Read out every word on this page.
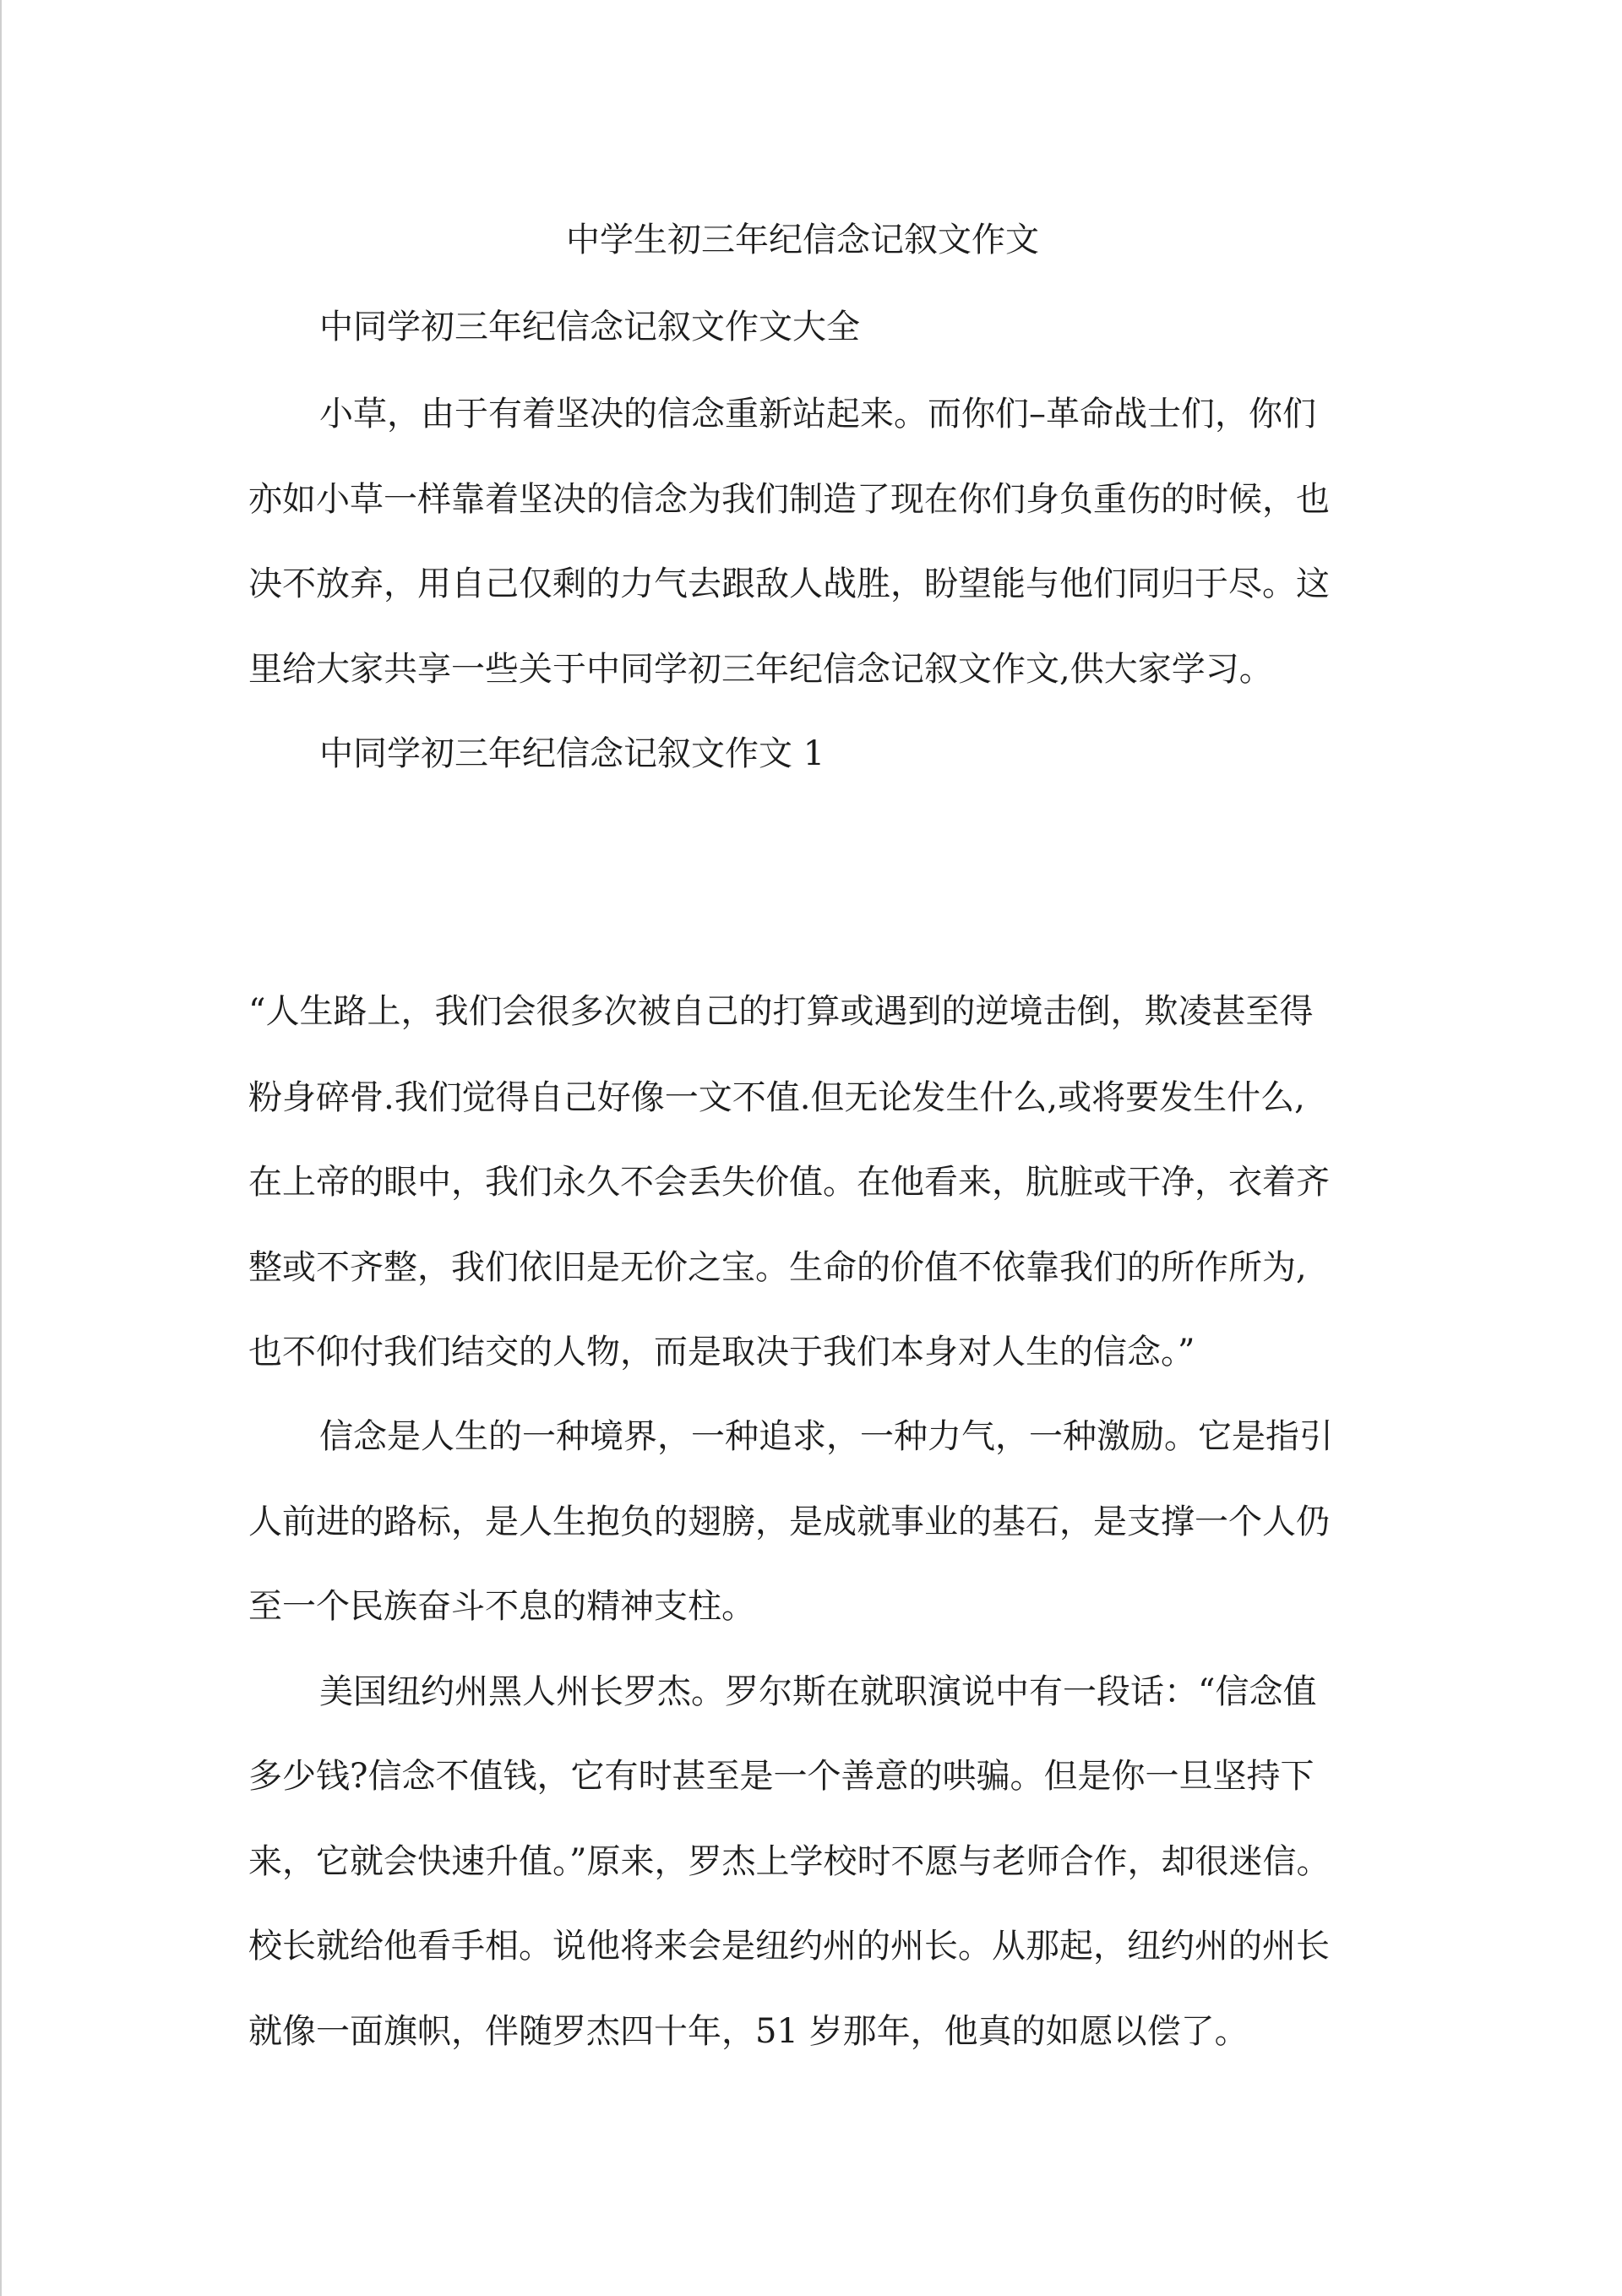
中学生初三年纪信念记叙文作文

中同学初三年纪信念记叙文作文大全

小草，由于有着坚决的信念重新站起来。而你们–革命战士们，你们

亦如小草一样靠着坚决的信念为我们制造了现在你们身负重伤的时候，也

决不放弃，用自己仅剩的力气去跟敌人战胜，盼望能与他们同归于尽。这

里给大家共享一些关于中同学初三年纪信念记叙文作文,供大家学习。

中同学初三年纪信念记叙文作文 1

“人生路上，我们会很多次被自己的打算或遇到的逆境击倒，欺凌甚至得

粉身碎骨.我们觉得自己好像一文不值.但无论发生什么,或将要发生什么,

在上帝的眼中，我们永久不会丢失价值。在他看来，肮脏或干净，衣着齐

整或不齐整，我们依旧是无价之宝。生命的价值不依靠我们的所作所为,

也不仰付我们结交的人物，而是取决于我们本身对人生的信念。”

信念是人生的一种境界，一种追求，一种力气，一种激励。它是指引

人前进的路标，是人生抱负的翅膀，是成就事业的基石，是支撑一个人仍

至一个民族奋斗不息的精神支柱。

美国纽约州黑人州长罗杰。罗尔斯在就职演说中有一段话：“信念值

多少钱?信念不值钱，它有时甚至是一个善意的哄骗。但是你一旦坚持下

来，它就会快速升值。”原来，罗杰上学校时不愿与老师合作，却很迷信。

校长就给他看手相。说他将来会是纽约州的州长。从那起，纽约州的州长

就像一面旗帜，伴随罗杰四十年，51 岁那年，他真的如愿以偿了。
